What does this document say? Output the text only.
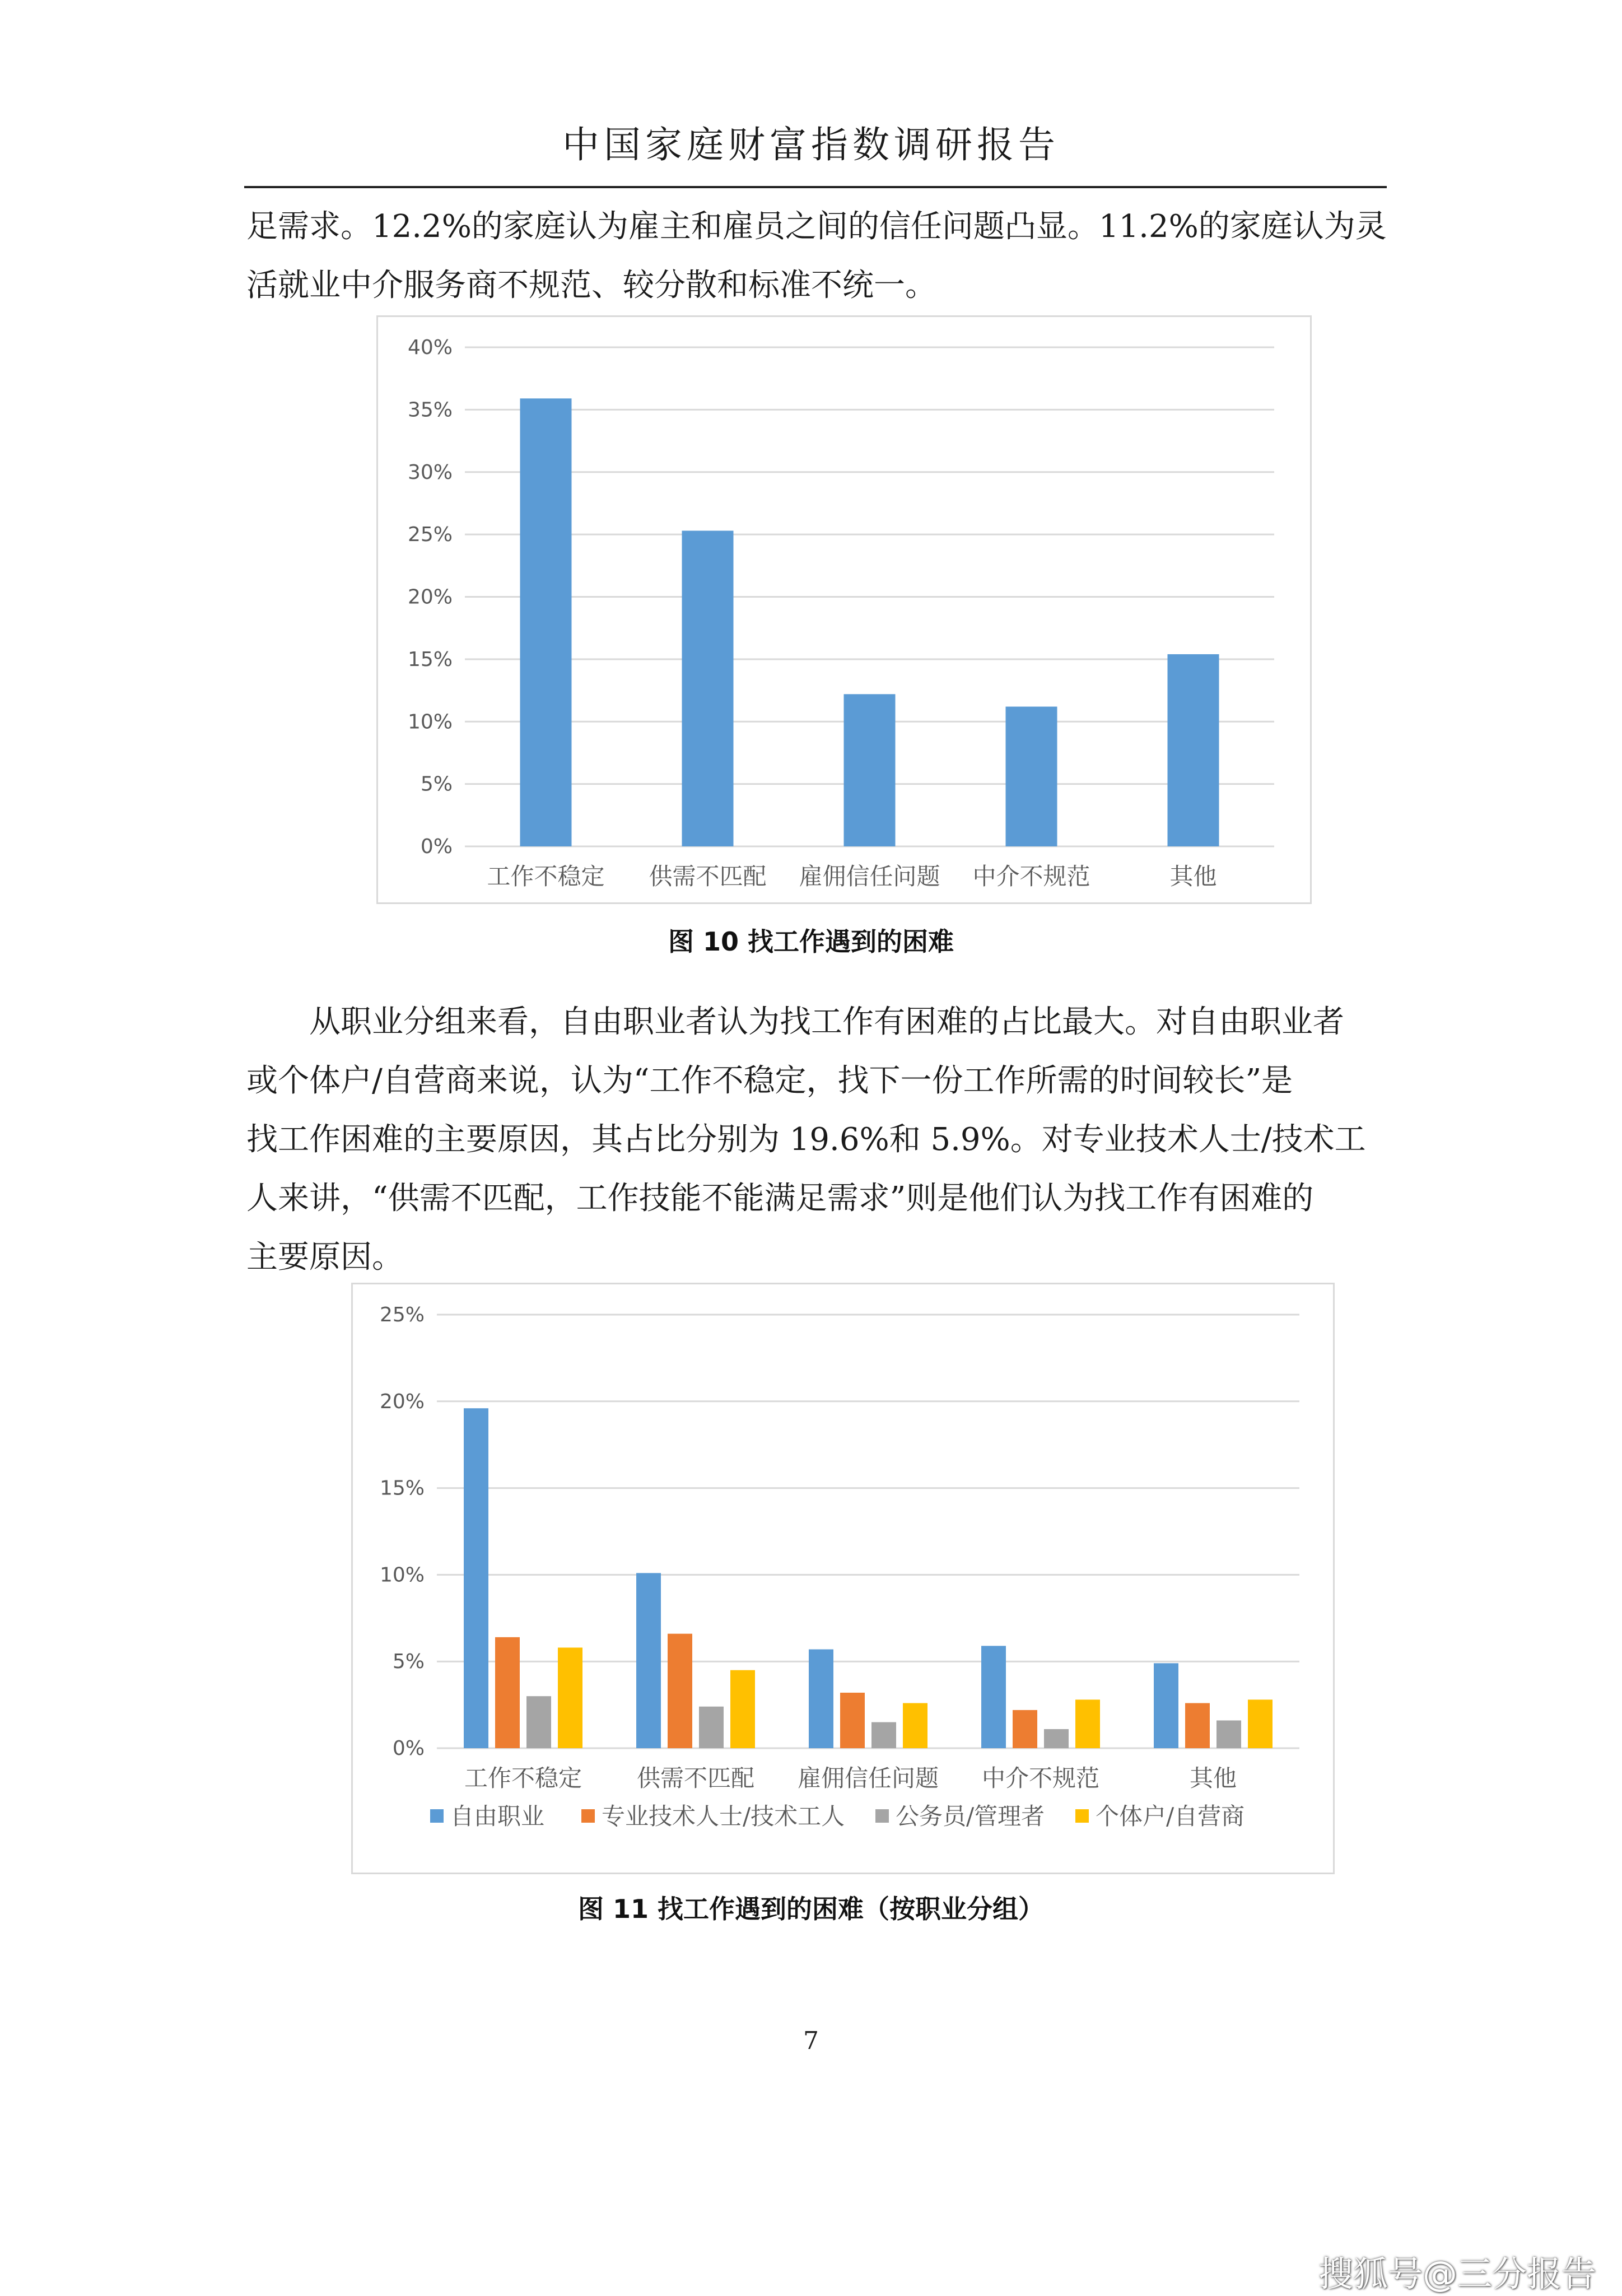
中国家庭财富指数调研报告

足需求。12.2%的家庭认为雇主和雇员之间的信任问题凸显。11.2%的家庭认为灵

活就业中介服务商不规范、较分散和标准不统一。

0%
5%
10%
15%
20%
25%
30%
35%
40%
工作不稳定 供需不匹配 雇佣信任问题 中介不规范	其他
图 10 找工作遇到的困难

　　从职业分组来看，自由职业者认为找工作有困难的占比最大。对自由职业者

或个体户/自营商来说，认为“工作不稳定，找下一份工作所需的时间较长”是

找工作困难的主要原因，其占比分别为 19.6%和 5.9%。对专业技术人士/技术工

人来讲，“供需不匹配，工作技能不能满足需求”则是他们认为找工作有困难的

主要原因。

0%
5%
10%
15%
20%
25%
工作不稳定 供需不匹配 雇佣信任问题 中介不规范	其他
自由职业 专业技术人士/技术工人 公务员/管理者 个体户/自营商
图 11 找工作遇到的困难（按职业分组）
7
搜狐号@三分报告
